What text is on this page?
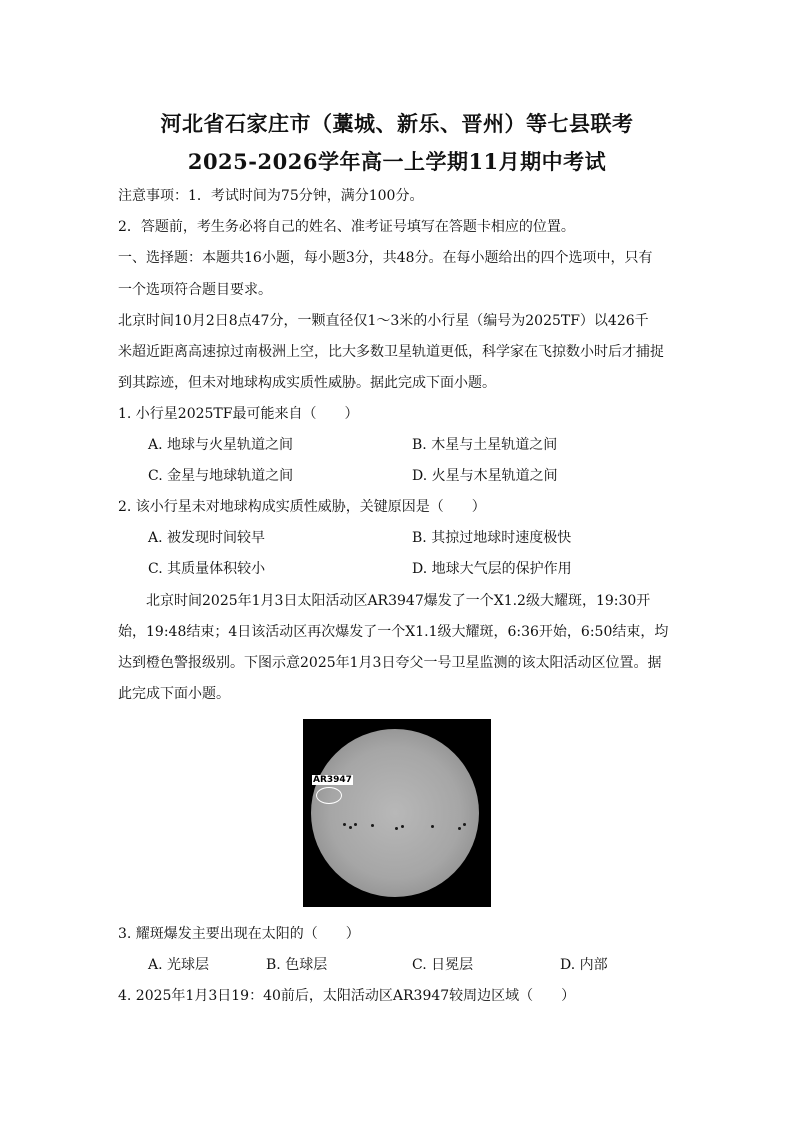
河北省石家庄市（藁城、新乐、晋州）等七县联考
2025-2026学年高一上学期11月期中考试
注意事项：1．考试时间为75分钟，满分100分。
2．答题前，考生务必将自己的姓名、准考证号填写在答题卡相应的位置。
一、选择题：本题共16小题，每小题3分，共48分。在每小题给出的四个选项中，只有
一个选项符合题目要求。
北京时间10月2日8点47分，一颗直径仅1～3米的小行星（编号为2025TF）以426千
米超近距离高速掠过南极洲上空，比大多数卫星轨道更低，科学家在飞掠数小时后才捕捉
到其踪迹，但未对地球构成实质性威胁。据此完成下面小题。
1. 小行星2025TF最可能来自（　　）
A. 地球与火星轨道之间	B. 木星与土星轨道之间
C. 金星与地球轨道之间	D. 火星与木星轨道之间
2. 该小行星未对地球构成实质性威胁，关键原因是（　　）
A. 被发现时间较早	B. 其掠过地球时速度极快
C. 其质量体积较小	D. 地球大气层的保护作用
　　北京时间2025年1月3日太阳活动区AR3947爆发了一个X1.2级大耀斑，19:30开
始，19:48结束；4日该活动区再次爆发了一个X1.1级大耀斑，6:36开始，6:50结束，均
达到橙色警报级别。下图示意2025年1月3日夸父一号卫星监测的该太阳活动区位置。据
此完成下面小题。
AR3947
3. 耀斑爆发主要出现在太阳的（　　）
A. 光球层	B. 色球层	C. 日冕层	D. 内部
4. 2025年1月3日19：40前后，太阳活动区AR3947较周边区域（　　）
